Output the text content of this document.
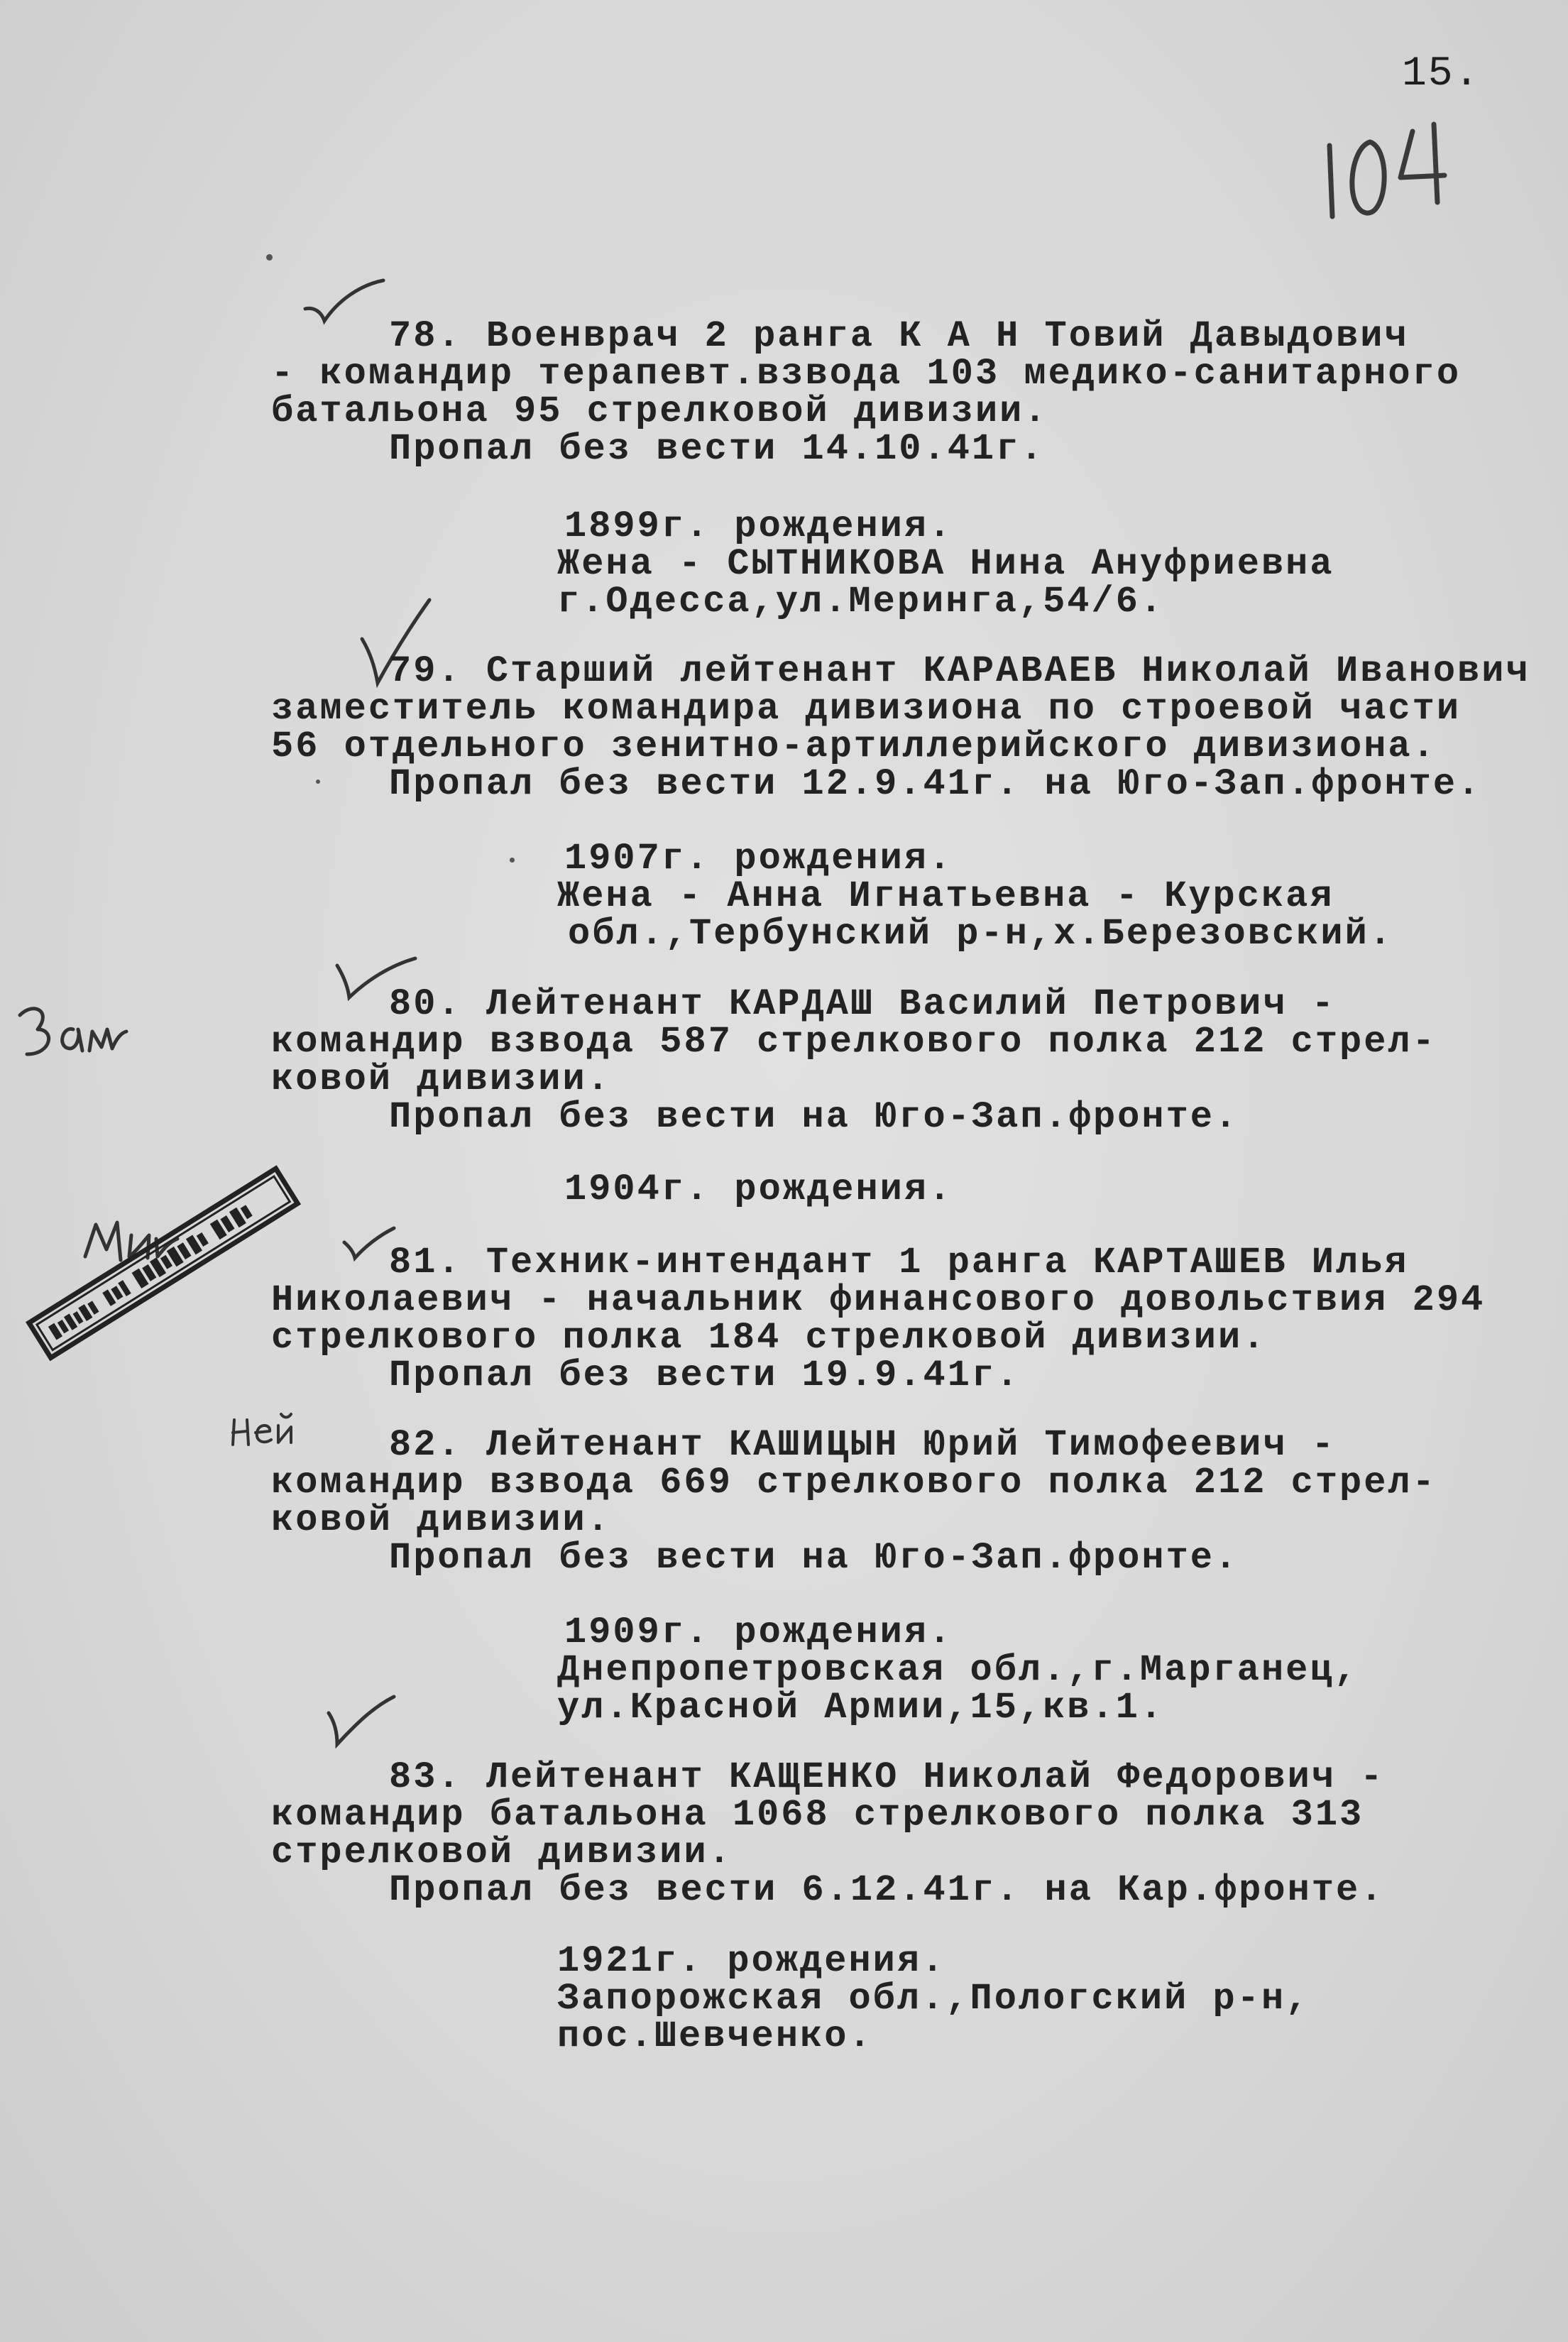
15.
78. Военврач 2 ранга К А Н Товий Давыдович
- командир терапевт.взвода 103 медико-санитарного
батальона 95 стрелковой дивизии.
Пропал без вести 14.10.41г.
1899г. рождения.
Жена - СЫТНИКОВА Нина Ануфриевна
г.Одесса,ул.Меринга,54/6.
79. Старший лейтенант КАРАВАЕВ Николай Иванович
заместитель командира дивизиона по строевой части
56 отдельного зенитно-артиллерийского дивизиона.
Пропал без вести 12.9.41г. на Юго-Зап.фронте.
1907г. рождения.
Жена - Анна Игнатьевна - Курская
обл.,Тербунский р-н,х.Березовский.
80. Лейтенант КАРДАШ Василий Петрович -
командир взвода 587 стрелкового полка 212 стрел-
ковой дивизии.
Пропал без вести на Юго-Зап.фронте.
1904г. рождения.
81. Техник-интендант 1 ранга КАРТАШЕВ Илья
Николаевич - начальник финансового довольствия 294
стрелкового полка 184 стрелковой дивизии.
Пропал без вести 19.9.41г.
82. Лейтенант КАШИЦЫН Юрий Тимофеевич -
командир взвода 669 стрелкового полка 212 стрел-
ковой дивизии.
Пропал без вести на Юго-Зап.фронте.
1909г. рождения.
Днепропетровская обл.,г.Марганец,
ул.Красной Армии,15,кв.1.
83. Лейтенант КАЩЕНКО Николай Федорович -
командир батальона 1068 стрелкового полка 313
стрелковой дивизии.
Пропал без вести 6.12.41г. на Кар.фронте.
1921г. рождения.
Запорожская обл.,Пологский р-н,
пос.Шевченко.
